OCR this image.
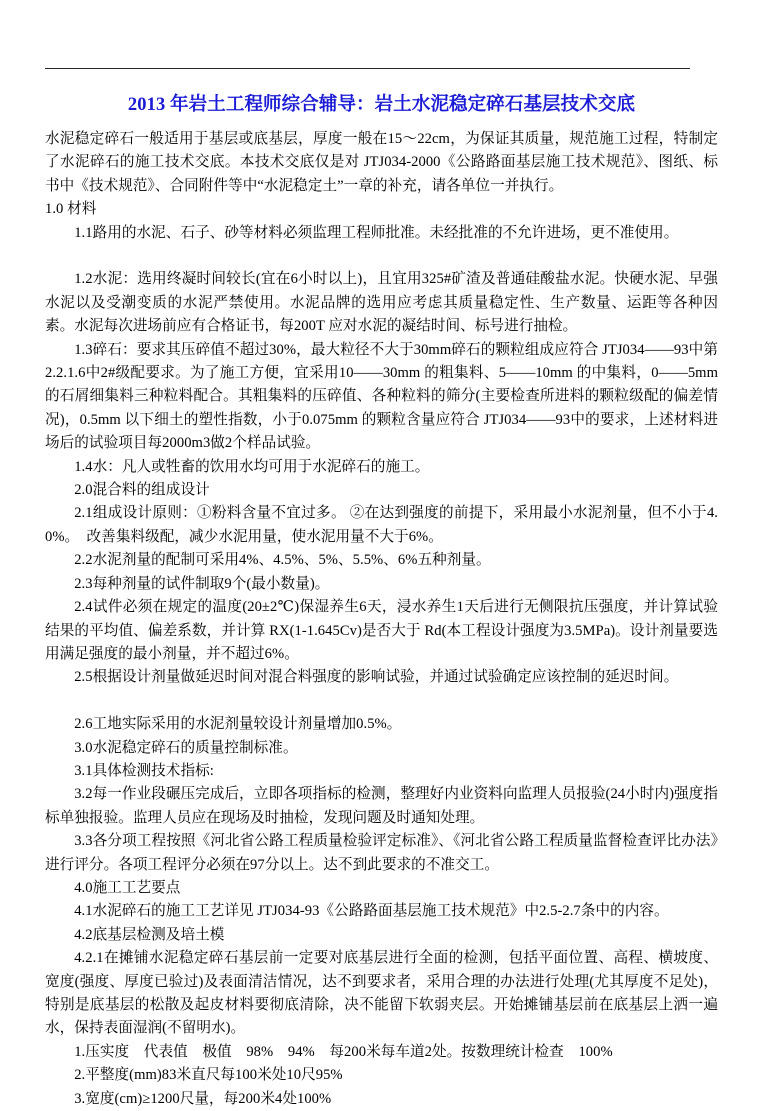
2013 年岩土工程师综合辅导：岩土水泥稳定碎石基层技术交底

水泥稳定碎石一般适用于基层或底基层，厚度一般在15～22cm，为保证其质量，规范施工过程，特制定了水泥碎石的施工技术交底。本技术交底仅是对 JTJ034-2000《公路路面基层施工技术规范》、图纸、标书中《技术规范》、合同附件等中“水泥稳定土”一章的补充，请各单位一并执行。

1.0 材料

1.1路用的水泥、石子、砂等材料必须监理工程师批准。未经批准的不允许进场，更不准使用。

1.2水泥：选用终凝时间较长(宜在6小时以上)，且宜用325#矿渣及普通硅酸盐水泥。快硬水泥、早强水泥以及受潮变质的水泥严禁使用。水泥品牌的选用应考虑其质量稳定性、生产数量、运距等各种因素。水泥每次进场前应有合格证书，每200T 应对水泥的凝结时间、标号进行抽检。

1.3碎石：要求其压碎值不超过30%，最大粒径不大于30mm碎石的颗粒组成应符合 JTJ034——93中第2.2.1.6中2#级配要求。为了施工方便，宜采用10——30mm 的粗集料、5——10mm 的中集料，0——5mm 的石屑细集料三种粒料配合。其粗集料的压碎值、各种粒料的筛分(主要检查所进料的颗粒级配的偏差情况)，0.5mm 以下细土的塑性指数，小于0.075mm 的颗粒含量应符合 JTJ034——93中的要求，上述材料进场后的试验项目每2000m3做2个样品试验。

1.4水：凡人或牲畜的饮用水均可用于水泥碎石的施工。

2.0混合料的组成设计

2.1组成设计原则：①粉料含量不宜过多。 ②在达到强度的前提下，采用最小水泥剂量，但不小于4.0%。　改善集料级配，减少水泥用量，使水泥用量不大于6%。

2.2水泥剂量的配制可采用4%、4.5%、5%、5.5%、6%五种剂量。

2.3每种剂量的试件制取9个(最小数量)。

2.4试件必须在规定的温度(20±2℃)保湿养生6天，浸水养生1天后进行无侧限抗压强度，并计算试验结果的平均值、偏差系数，并计算 RX(1-1.645Cv)是否大于 Rd(本工程设计强度为3.5MPa)。设计剂量要选用满足强度的最小剂量，并不超过6%。

2.5根据设计剂量做延迟时间对混合料强度的影响试验，并通过试验确定应该控制的延迟时间。

2.6工地实际采用的水泥剂量较设计剂量增加0.5%。

3.0水泥稳定碎石的质量控制标准。

3.1具体检测技术指标:

3.2每一作业段碾压完成后，立即各项指标的检测，整理好内业资料向监理人员报验(24小时内)强度指标单独报验。监理人员应在现场及时抽检，发现问题及时通知处理。

3.3各分项工程按照《河北省公路工程质量检验评定标准》、《河北省公路工程质量监督检查评比办法》进行评分。各项工程评分必须在97分以上。达不到此要求的不准交工。

4.0施工工艺要点

4.1水泥碎石的施工工艺详见 JTJ034-93《公路路面基层施工技术规范》中2.5-2.7条中的内容。

4.2底基层检测及培土模

4.2.1在摊铺水泥稳定碎石基层前一定要对底基层进行全面的检测，包括平面位置、高程、横坡度、宽度(强度、厚度已验过)及表面清洁情况，达不到要求者，采用合理的办法进行处理(尤其厚度不足处)，特别是底基层的松散及起皮材料要彻底清除，决不能留下软弱夹层。开始摊铺基层前在底基层上洒一遍水，保持表面湿润(不留明水)。

1.压实度　代表值　极值　98%　94%　每200米每车道2处。按数理统计检查　100%

2.平整度(mm)83米直尺每100米处10尺95%

3.宽度(cm)≥1200尺量，每200米4处100%
